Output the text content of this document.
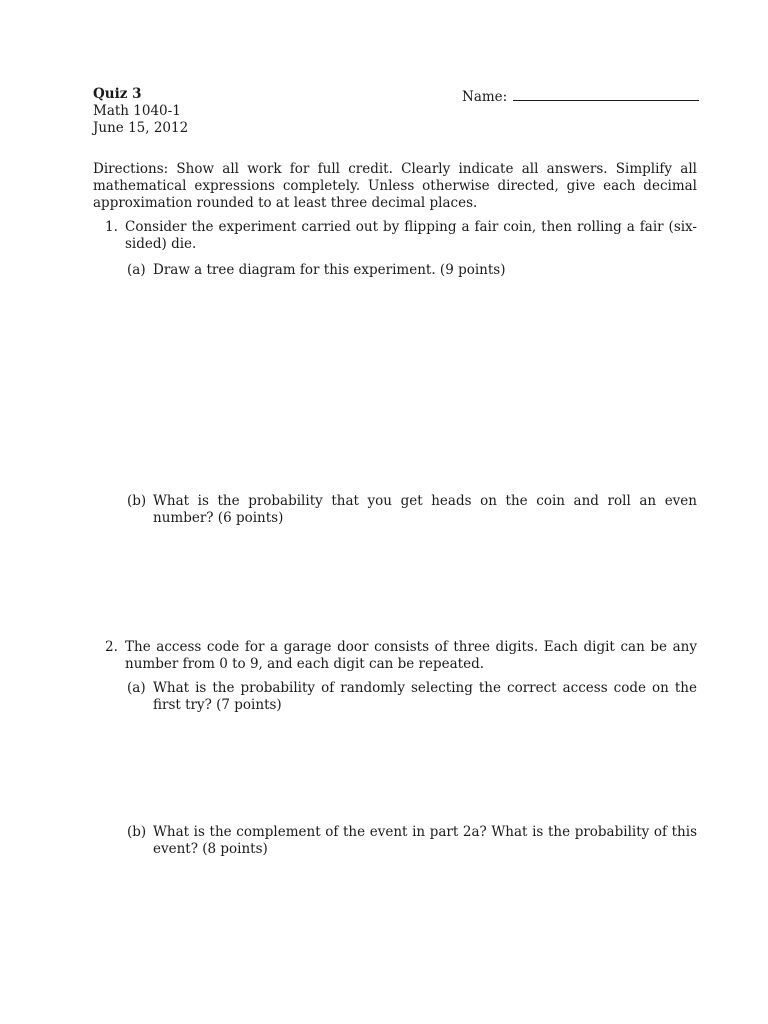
Quiz 3
Math 1040-1
June 15, 2012
Name:
Directions: Show all work for full credit. Clearly indicate all answers. Simplify all mathematical expressions completely. Unless otherwise directed, give each decimal approximation rounded to at least three decimal places.
1. Consider the experiment carried out by flipping a fair coin, then rolling a fair (six-sided) die.
(a) Draw a tree diagram for this experiment. (9 points)
(b) What is the probability that you get heads on the coin and roll an even number? (6 points)
2. The access code for a garage door consists of three digits. Each digit can be any number from 0 to 9, and each digit can be repeated.
(a) What is the probability of randomly selecting the correct access code on the first try? (7 points)
(b) What is the complement of the event in part 2a? What is the probability of this event? (8 points)
